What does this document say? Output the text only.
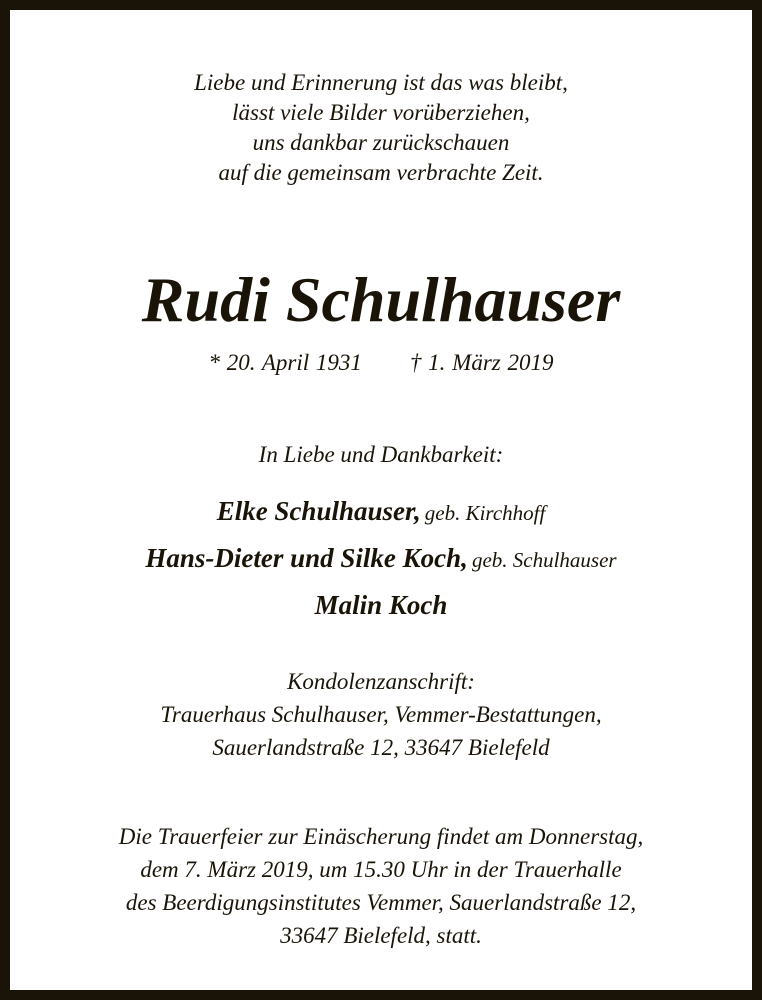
Liebe und Erinnerung ist das was bleibt,
lässt viele Bilder vorüberziehen,
uns dankbar zurückschauen
auf die gemeinsam verbrachte Zeit.
Rudi Schulhauser
* 20. April 1931 † 1. März 2019
In Liebe und Dankbarkeit:
Elke Schulhauser, geb. Kirchhoff
Hans-Dieter und Silke Koch, geb. Schulhauser
Malin Koch
Kondolenzanschrift:
Trauerhaus Schulhauser, Vemmer-Bestattungen,
Sauerlandstraße 12, 33647 Bielefeld
Die Trauerfeier zur Einäscherung findet am Donnerstag,
dem 7. März 2019, um 15.30 Uhr in der Trauerhalle
des Beerdigungsinstitutes Vemmer, Sauerlandstraße 12,
33647 Bielefeld, statt.
